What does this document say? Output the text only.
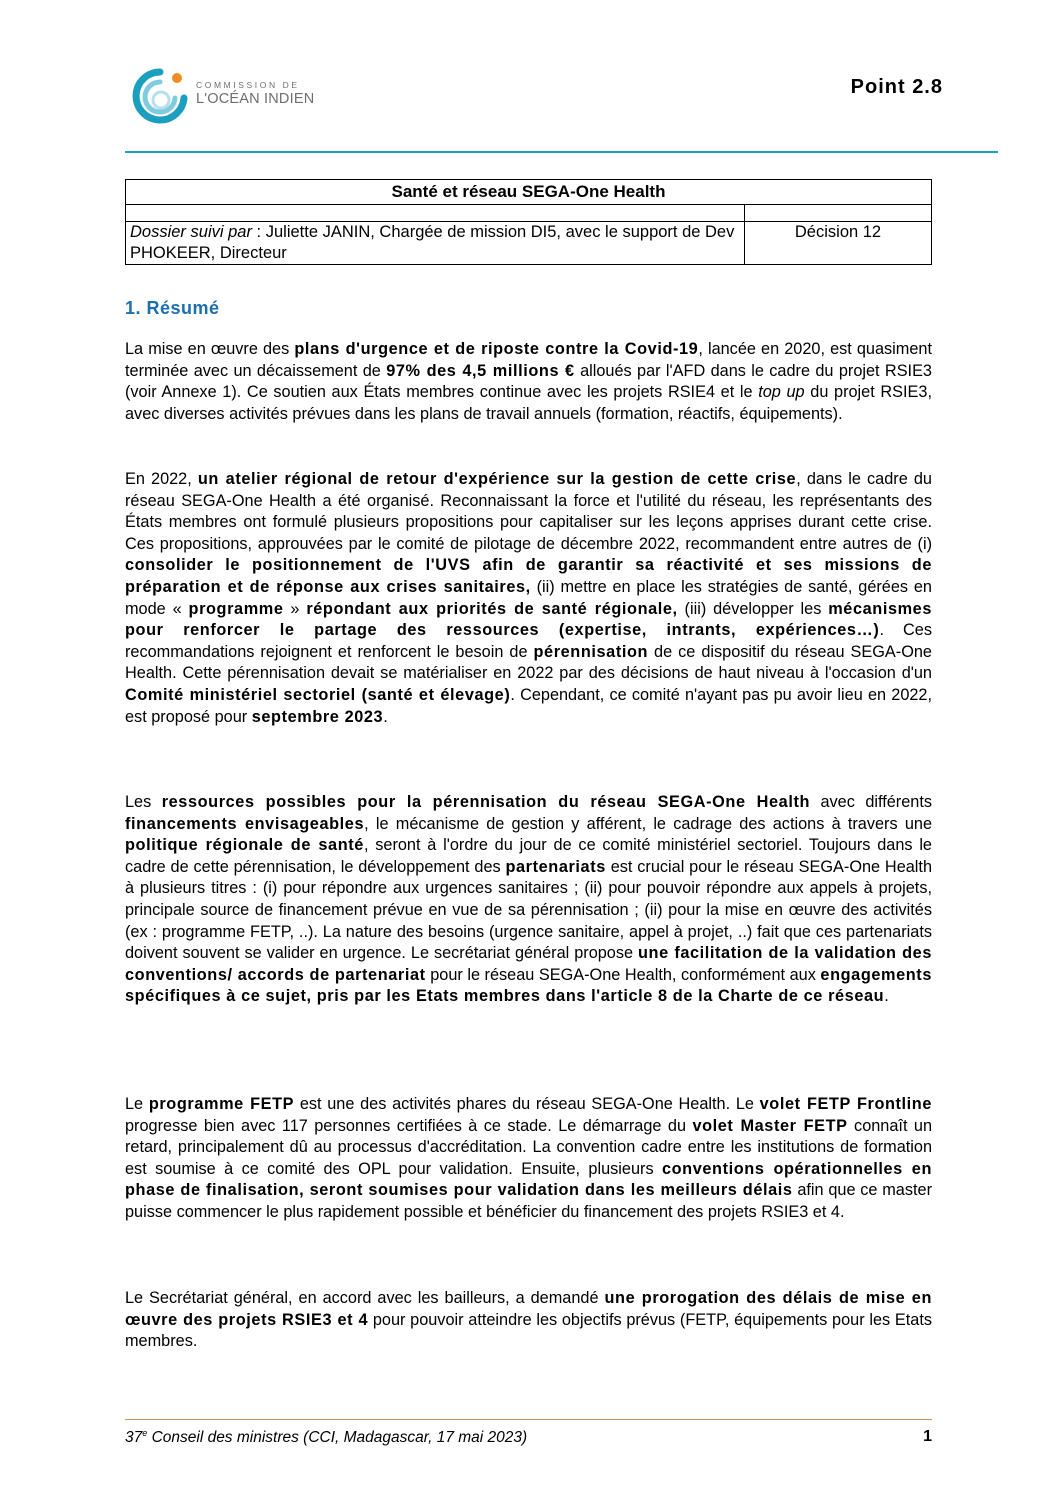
COMMISSION DE
L'OCÉAN INDIEN
Point 2.8
Santé et réseau SEGA-One Health	

Dossier suivi par : Juliette JANIN, Chargée de mission DI5, avec le support de Dev PHOKEER, Directeur	Décision 12
1. Résumé

La mise en œuvre des plans d'urgence et de riposte contre la Covid-19, lancée en 2020, est quasiment terminée avec un décaissement de 97% des 4,5 millions € alloués par l'AFD dans le cadre du projet RSIE3 (voir Annexe 1). Ce soutien aux États membres continue avec les projets RSIE4 et le top up du projet RSIE3, avec diverses activités prévues dans les plans de travail annuels (formation, réactifs, équipements).

En 2022, un atelier régional de retour d'expérience sur la gestion de cette crise, dans le cadre du réseau SEGA-One Health a été organisé. Reconnaissant la force et l'utilité du réseau, les représentants des États membres ont formulé plusieurs propositions pour capitaliser sur les leçons apprises durant cette crise. Ces propositions, approuvées par le comité de pilotage de décembre 2022, recommandent entre autres de (i) consolider le positionnement de l'UVS afin de garantir sa réactivité et ses missions de préparation et de réponse aux crises sanitaires, (ii) mettre en place les stratégies de santé, gérées en mode « programme » répondant aux priorités de santé régionale, (iii) développer les mécanismes pour renforcer le partage des ressources (expertise, intrants, expériences…). Ces recommandations rejoignent et renforcent le besoin de pérennisation de ce dispositif du réseau SEGA-One Health. Cette pérennisation devait se matérialiser en 2022 par des décisions de haut niveau à l'occasion d'un Comité ministériel sectoriel (santé et élevage). Cependant, ce comité n'ayant pas pu avoir lieu en 2022, est proposé pour septembre 2023.

Les ressources possibles pour la pérennisation du réseau SEGA-One Health avec différents financements envisageables, le mécanisme de gestion y afférent, le cadrage des actions à travers une politique régionale de santé, seront à l'ordre du jour de ce comité ministériel sectoriel. Toujours dans le cadre de cette pérennisation, le développement des partenariats est crucial pour le réseau SEGA-One Health à plusieurs titres : (i) pour répondre aux urgences sanitaires ; (ii) pour pouvoir répondre aux appels à projets, principale source de financement prévue en vue de sa pérennisation ; (ii) pour la mise en œuvre des activités (ex : programme FETP, ..). La nature des besoins (urgence sanitaire, appel à projet, ..) fait que ces partenariats doivent souvent se valider en urgence. Le secrétariat général propose une facilitation de la validation des conventions/ accords de partenariat pour le réseau SEGA-One Health, conformément aux engagements spécifiques à ce sujet, pris par les Etats membres dans l'article 8 de la Charte de ce réseau.

Le programme FETP est une des activités phares du réseau SEGA-One Health. Le volet FETP Frontline progresse bien avec 117 personnes certifiées à ce stade. Le démarrage du volet Master FETP connaît un retard, principalement dû au processus d'accréditation. La convention cadre entre les institutions de formation est soumise à ce comité des OPL pour validation. Ensuite, plusieurs conventions opérationnelles en phase de finalisation, seront soumises pour validation dans les meilleurs délais afin que ce master puisse commencer le plus rapidement possible et bénéficier du financement des projets RSIE3 et 4.

Le Secrétariat général, en accord avec les bailleurs, a demandé une prorogation des délais de mise en œuvre des projets RSIE3 et 4 pour pouvoir atteindre les objectifs prévus (FETP, équipements pour les Etats membres.

37e Conseil des ministres (CCI, Madagascar, 17 mai 2023)	1
